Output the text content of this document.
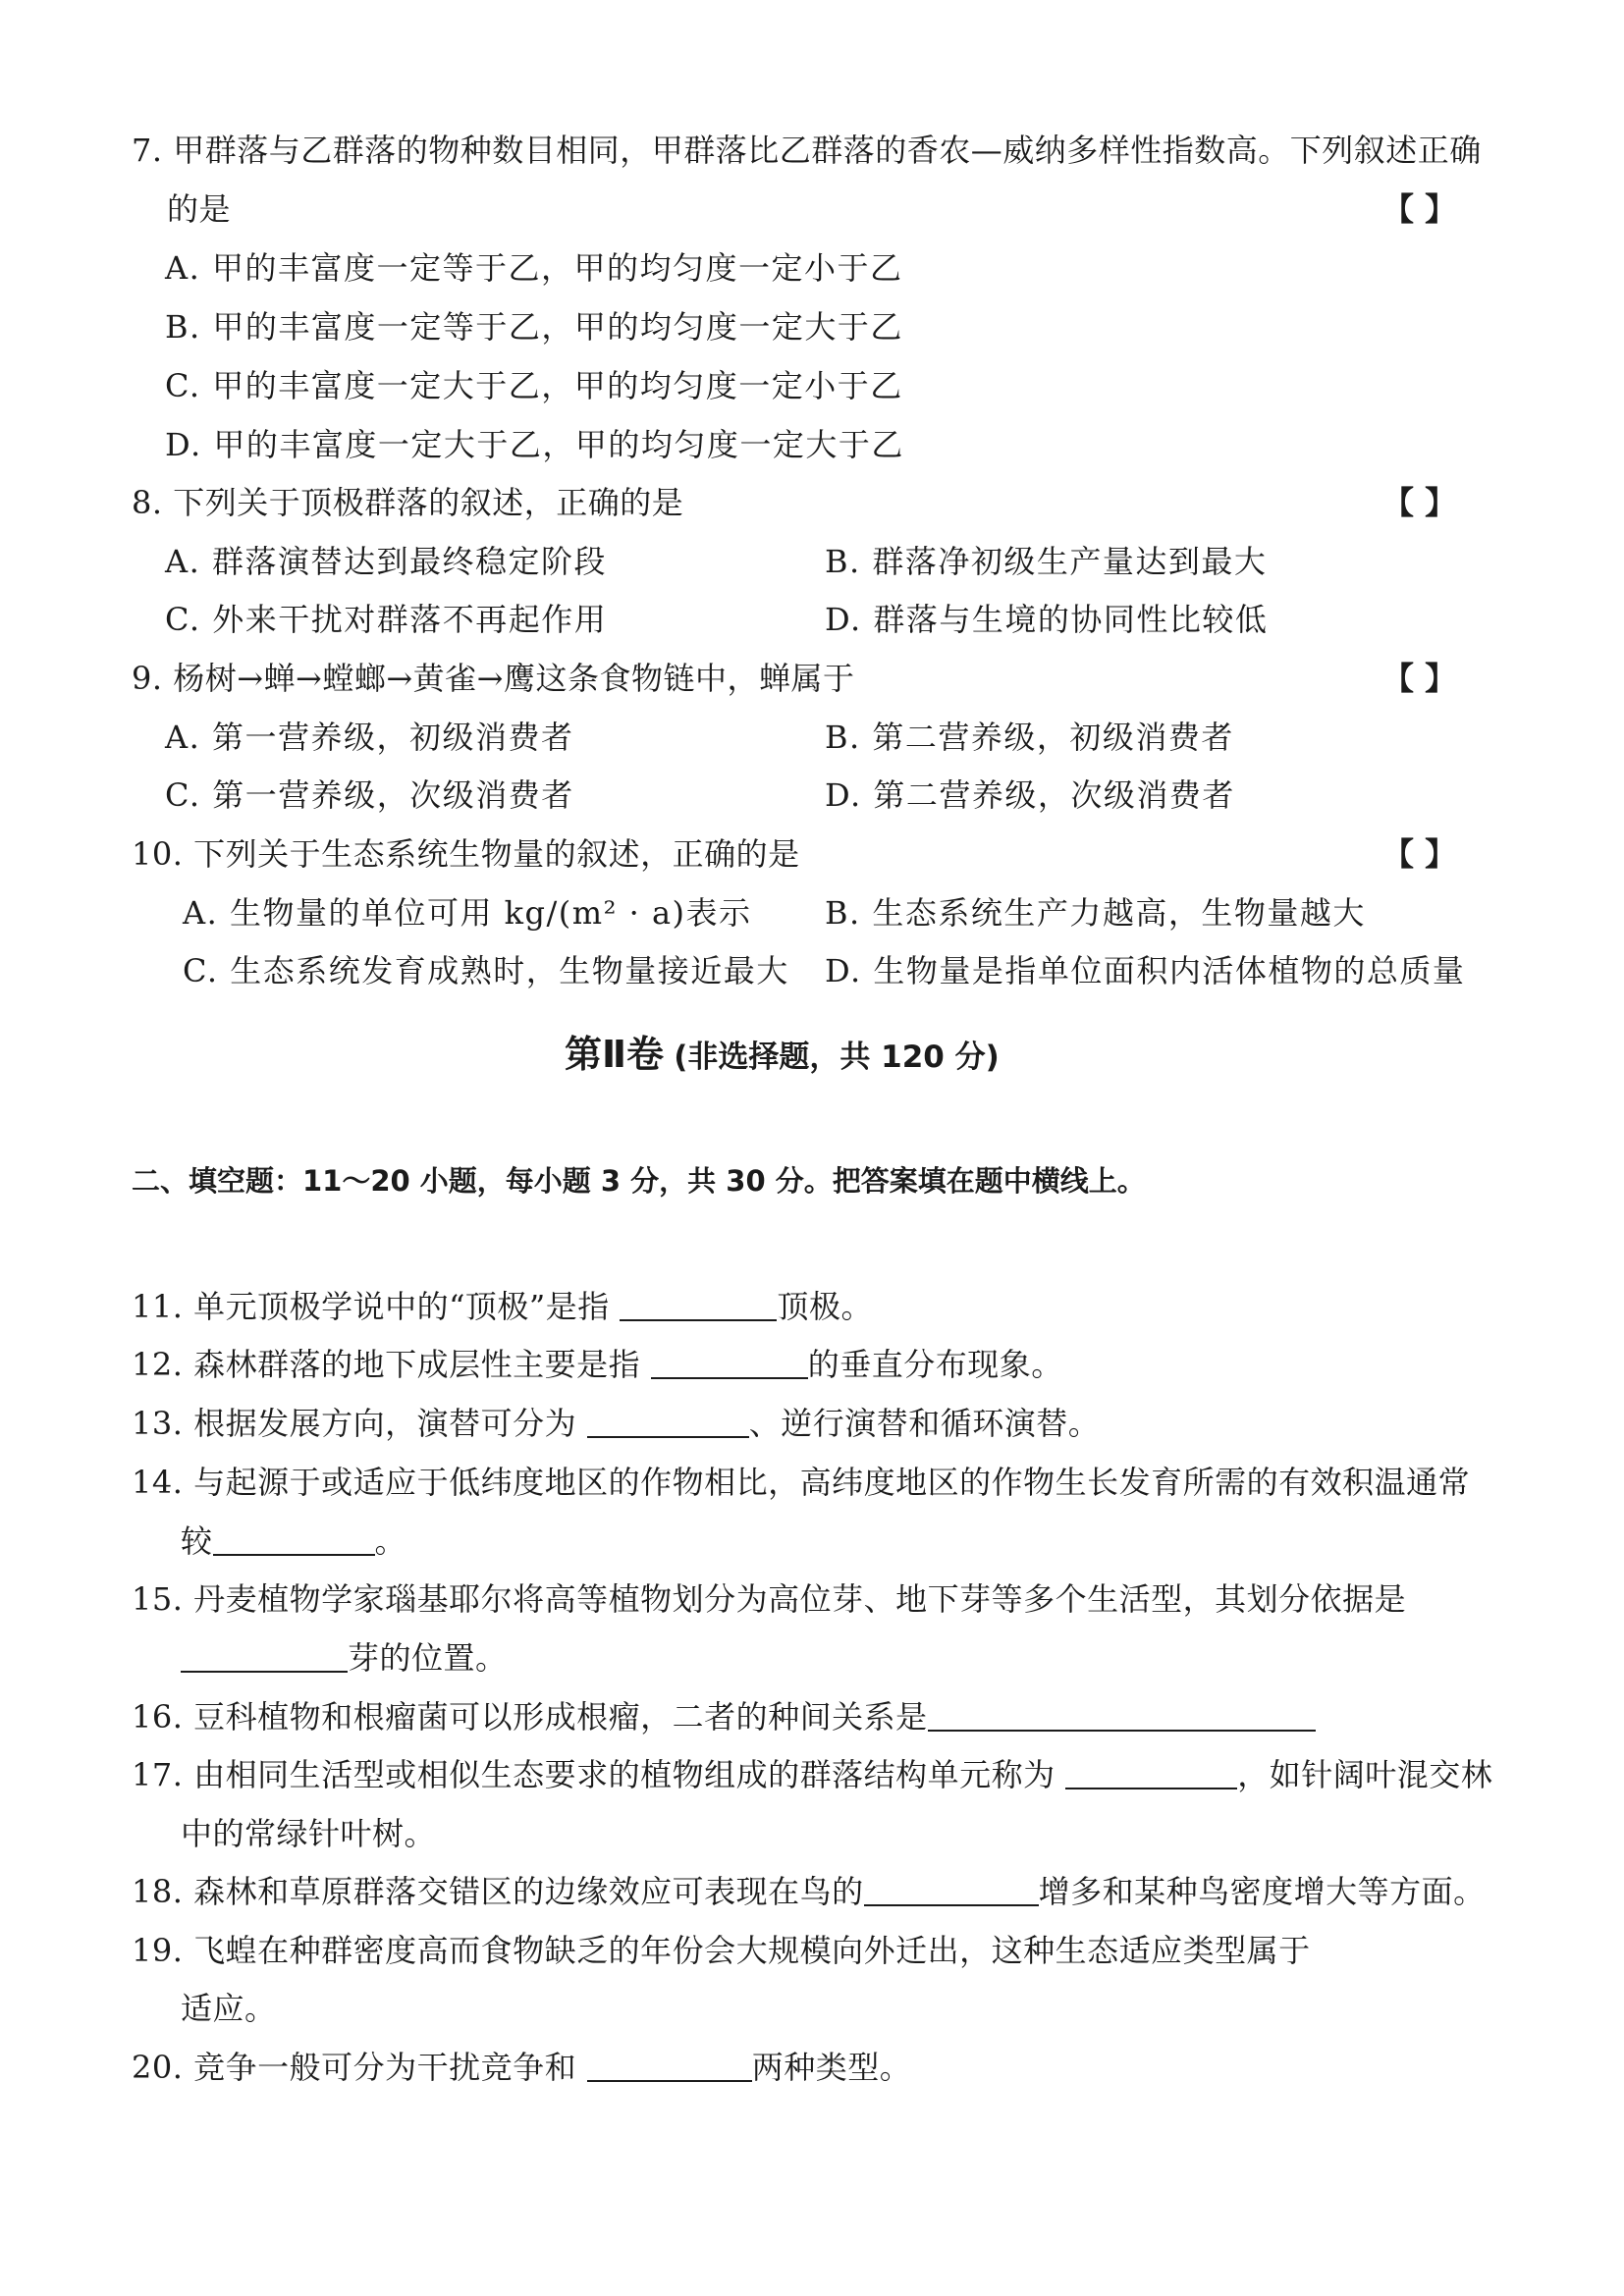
7. 甲群落与乙群落的物种数目相同，甲群落比乙群落的香农—威纳多样性指数高。下列叙述正确
的是	【 】
A. 甲的丰富度一定等于乙，甲的均匀度一定小于乙
B. 甲的丰富度一定等于乙，甲的均匀度一定大于乙
C. 甲的丰富度一定大于乙，甲的均匀度一定小于乙
D. 甲的丰富度一定大于乙，甲的均匀度一定大于乙
8. 下列关于顶极群落的叙述，正确的是	【 】
A. 群落演替达到最终稳定阶段	B. 群落净初级生产量达到最大
C. 外来干扰对群落不再起作用	D. 群落与生境的协同性比较低
9. 杨树→蝉→螳螂→黄雀→鹰这条食物链中，蝉属于	【 】
A. 第一营养级，初级消费者	B. 第二营养级，初级消费者
C. 第一营养级，次级消费者	D. 第二营养级，次级消费者
10. 下列关于生态系统生物量的叙述，正确的是	【 】
A. 生物量的单位可用 kg/(m² · a)表示 B. 生态系统生产力越高，生物量越大
C. 生态系统发育成熟时，生物量接近最大 D. 生物量是指单位面积内活体植物的总质量
第Ⅱ卷 (非选择题，共 120 分)
二、填空题：11～20 小题，每小题 3 分，共 30 分。把答案填在题中横线上。
11. 单元顶极学说中的“顶极”是指	顶极。
12. 森林群落的地下成层性主要是指	的垂直分布现象。
13. 根据发展方向，演替可分为	、逆行演替和循环演替。
14. 与起源于或适应于低纬度地区的作物相比，高纬度地区的作物生长发育所需的有效积温通常
较	。
15. 丹麦植物学家瑙基耶尔将高等植物划分为高位芽、地下芽等多个生活型，其划分依据是
芽的位置。
16. 豆科植物和根瘤菌可以形成根瘤，二者的种间关系是
17. 由相同生活型或相似生态要求的植物组成的群落结构单元称为	，如针阔叶混交林
中的常绿针叶树。
18. 森林和草原群落交错区的边缘效应可表现在鸟的	增多和某种鸟密度增大等方面。
19. 飞蝗在种群密度高而食物缺乏的年份会大规模向外迁出，这种生态适应类型属于
适应。
20. 竞争一般可分为干扰竞争和	两种类型。
